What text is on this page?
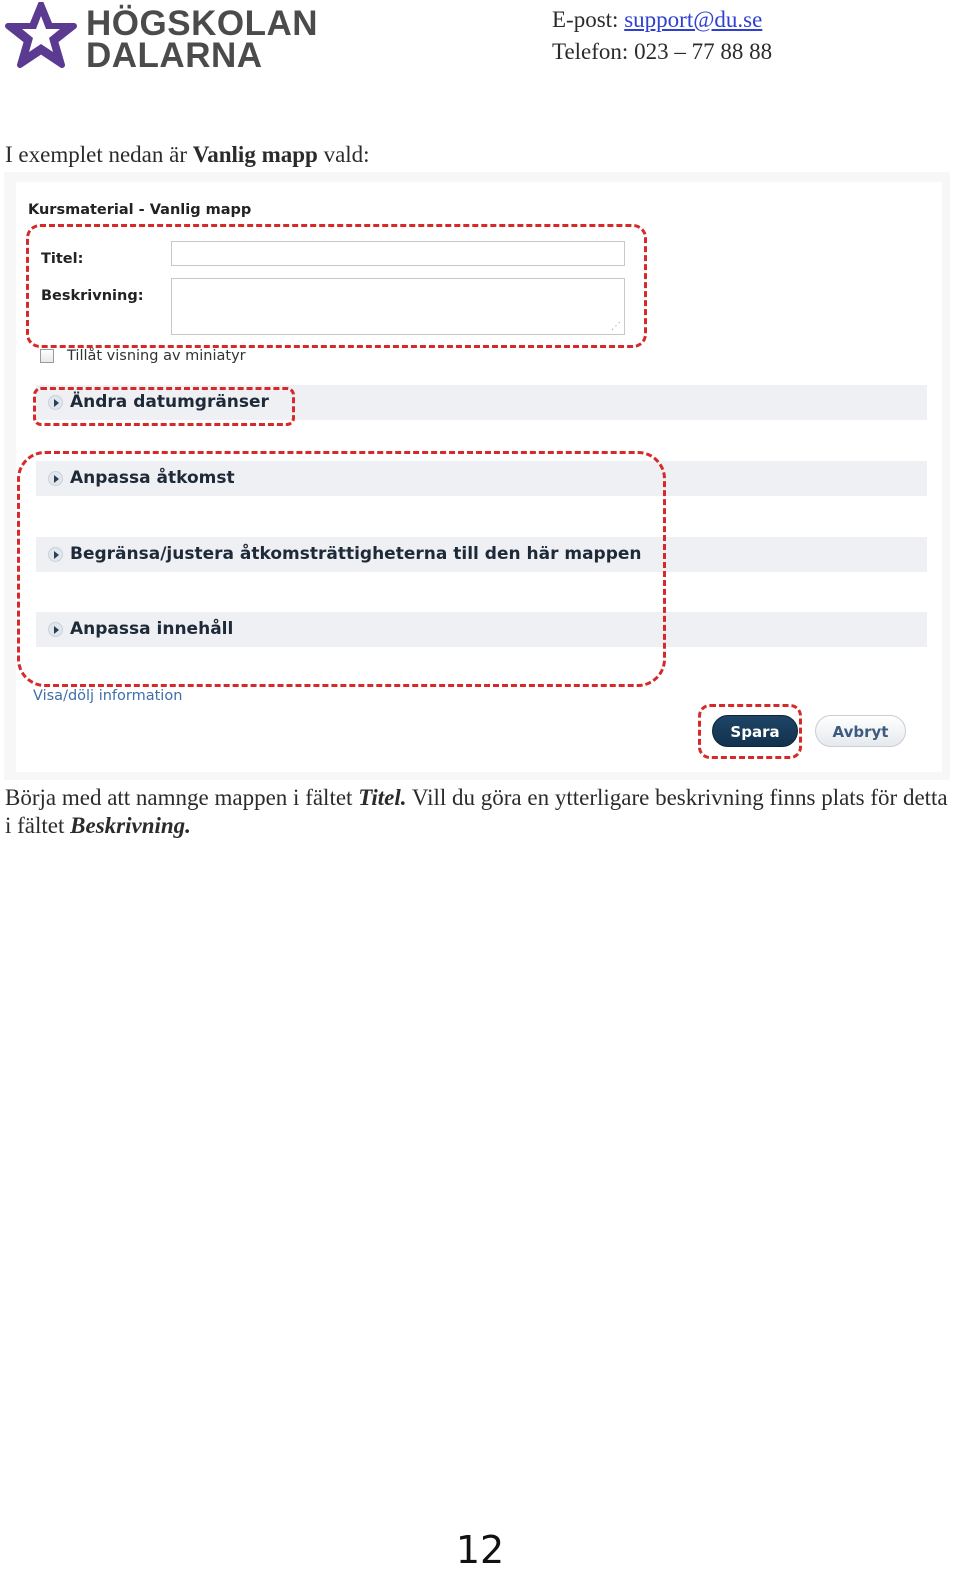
HÖGSKOLAN
DALARNA
E-post: support@du.se
Telefon: 023 – 77 88 88
I exemplet nedan är Vanlig mapp vald:
Kursmaterial - Vanlig mapp
Titel:
Beskrivning:
⋰
Tillåt visning av miniatyr
Ändra datumgränser
Anpassa åtkomst
Begränsa/justera åtkomsträttigheterna till den här mappen
Anpassa innehåll
Visa/dölj information
Spara	Avbryt
Börja med att namnge mappen i fältet Titel. Vill du göra en ytterligare beskrivning finns plats för detta i fältet Beskrivning.
12
